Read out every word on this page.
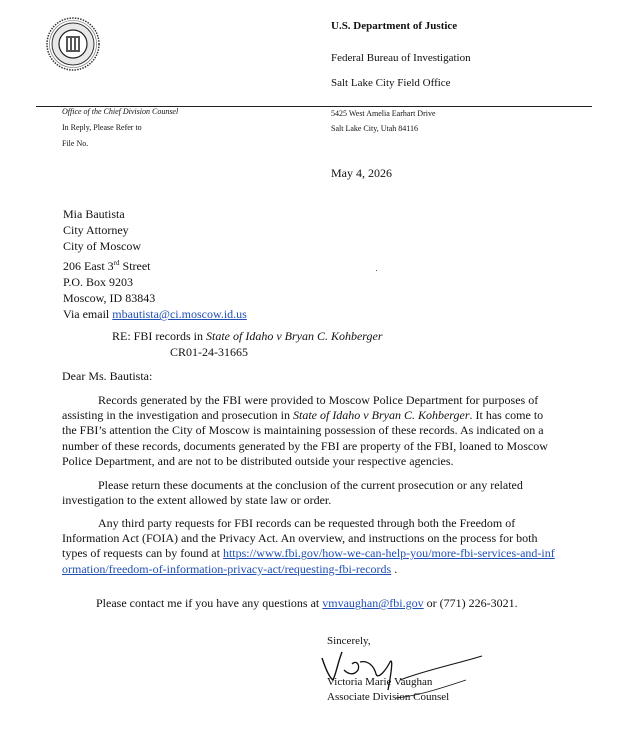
U.S. Department of Justice
Federal Bureau of Investigation
Salt Lake City Field Office
Office of the Chief Division Counsel
In Reply, Please Refer to
File No.
5425 West Amelia Earhart Drive
Salt Lake City, Utah 84116
May 4, 2026
Mia Bautista
City Attorney
City of Moscow
206 East 3rd Street
P.O. Box 9203
Moscow, ID 83843
Via email mbautista@ci.moscow.id.us
RE: FBI records in State of Idaho v Bryan C. Kohberger
CR01-24-31665
Dear Ms. Bautista:
Records generated by the FBI were provided to Moscow Police Department for purposes of assisting in the investigation and prosecution in State of Idaho v Bryan C. Kohberger. It has come to the FBI’s attention the City of Moscow is maintaining possession of these records. As indicated on a number of these records, documents generated by the FBI are property of the FBI, loaned to Moscow Police Department, and are not to be distributed outside your respective agencies.
Please return these documents at the conclusion of the current prosecution or any related investigation to the extent allowed by state law or order.
Any third party requests for FBI records can be requested through both the Freedom of Information Act (FOIA) and the Privacy Act. An overview, and instructions on the process for both types of requests can by found at https://www.fbi.gov/how-we-can-help-you/more-fbi-services-and-information/freedom-of-information-privacy-act/requesting-fbi-records .
Please contact me if you have any questions at vmvaughan@fbi.gov or (771) 226-3021.
Sincerely,
Victoria Marie Vaughan
Associate Division Counsel
